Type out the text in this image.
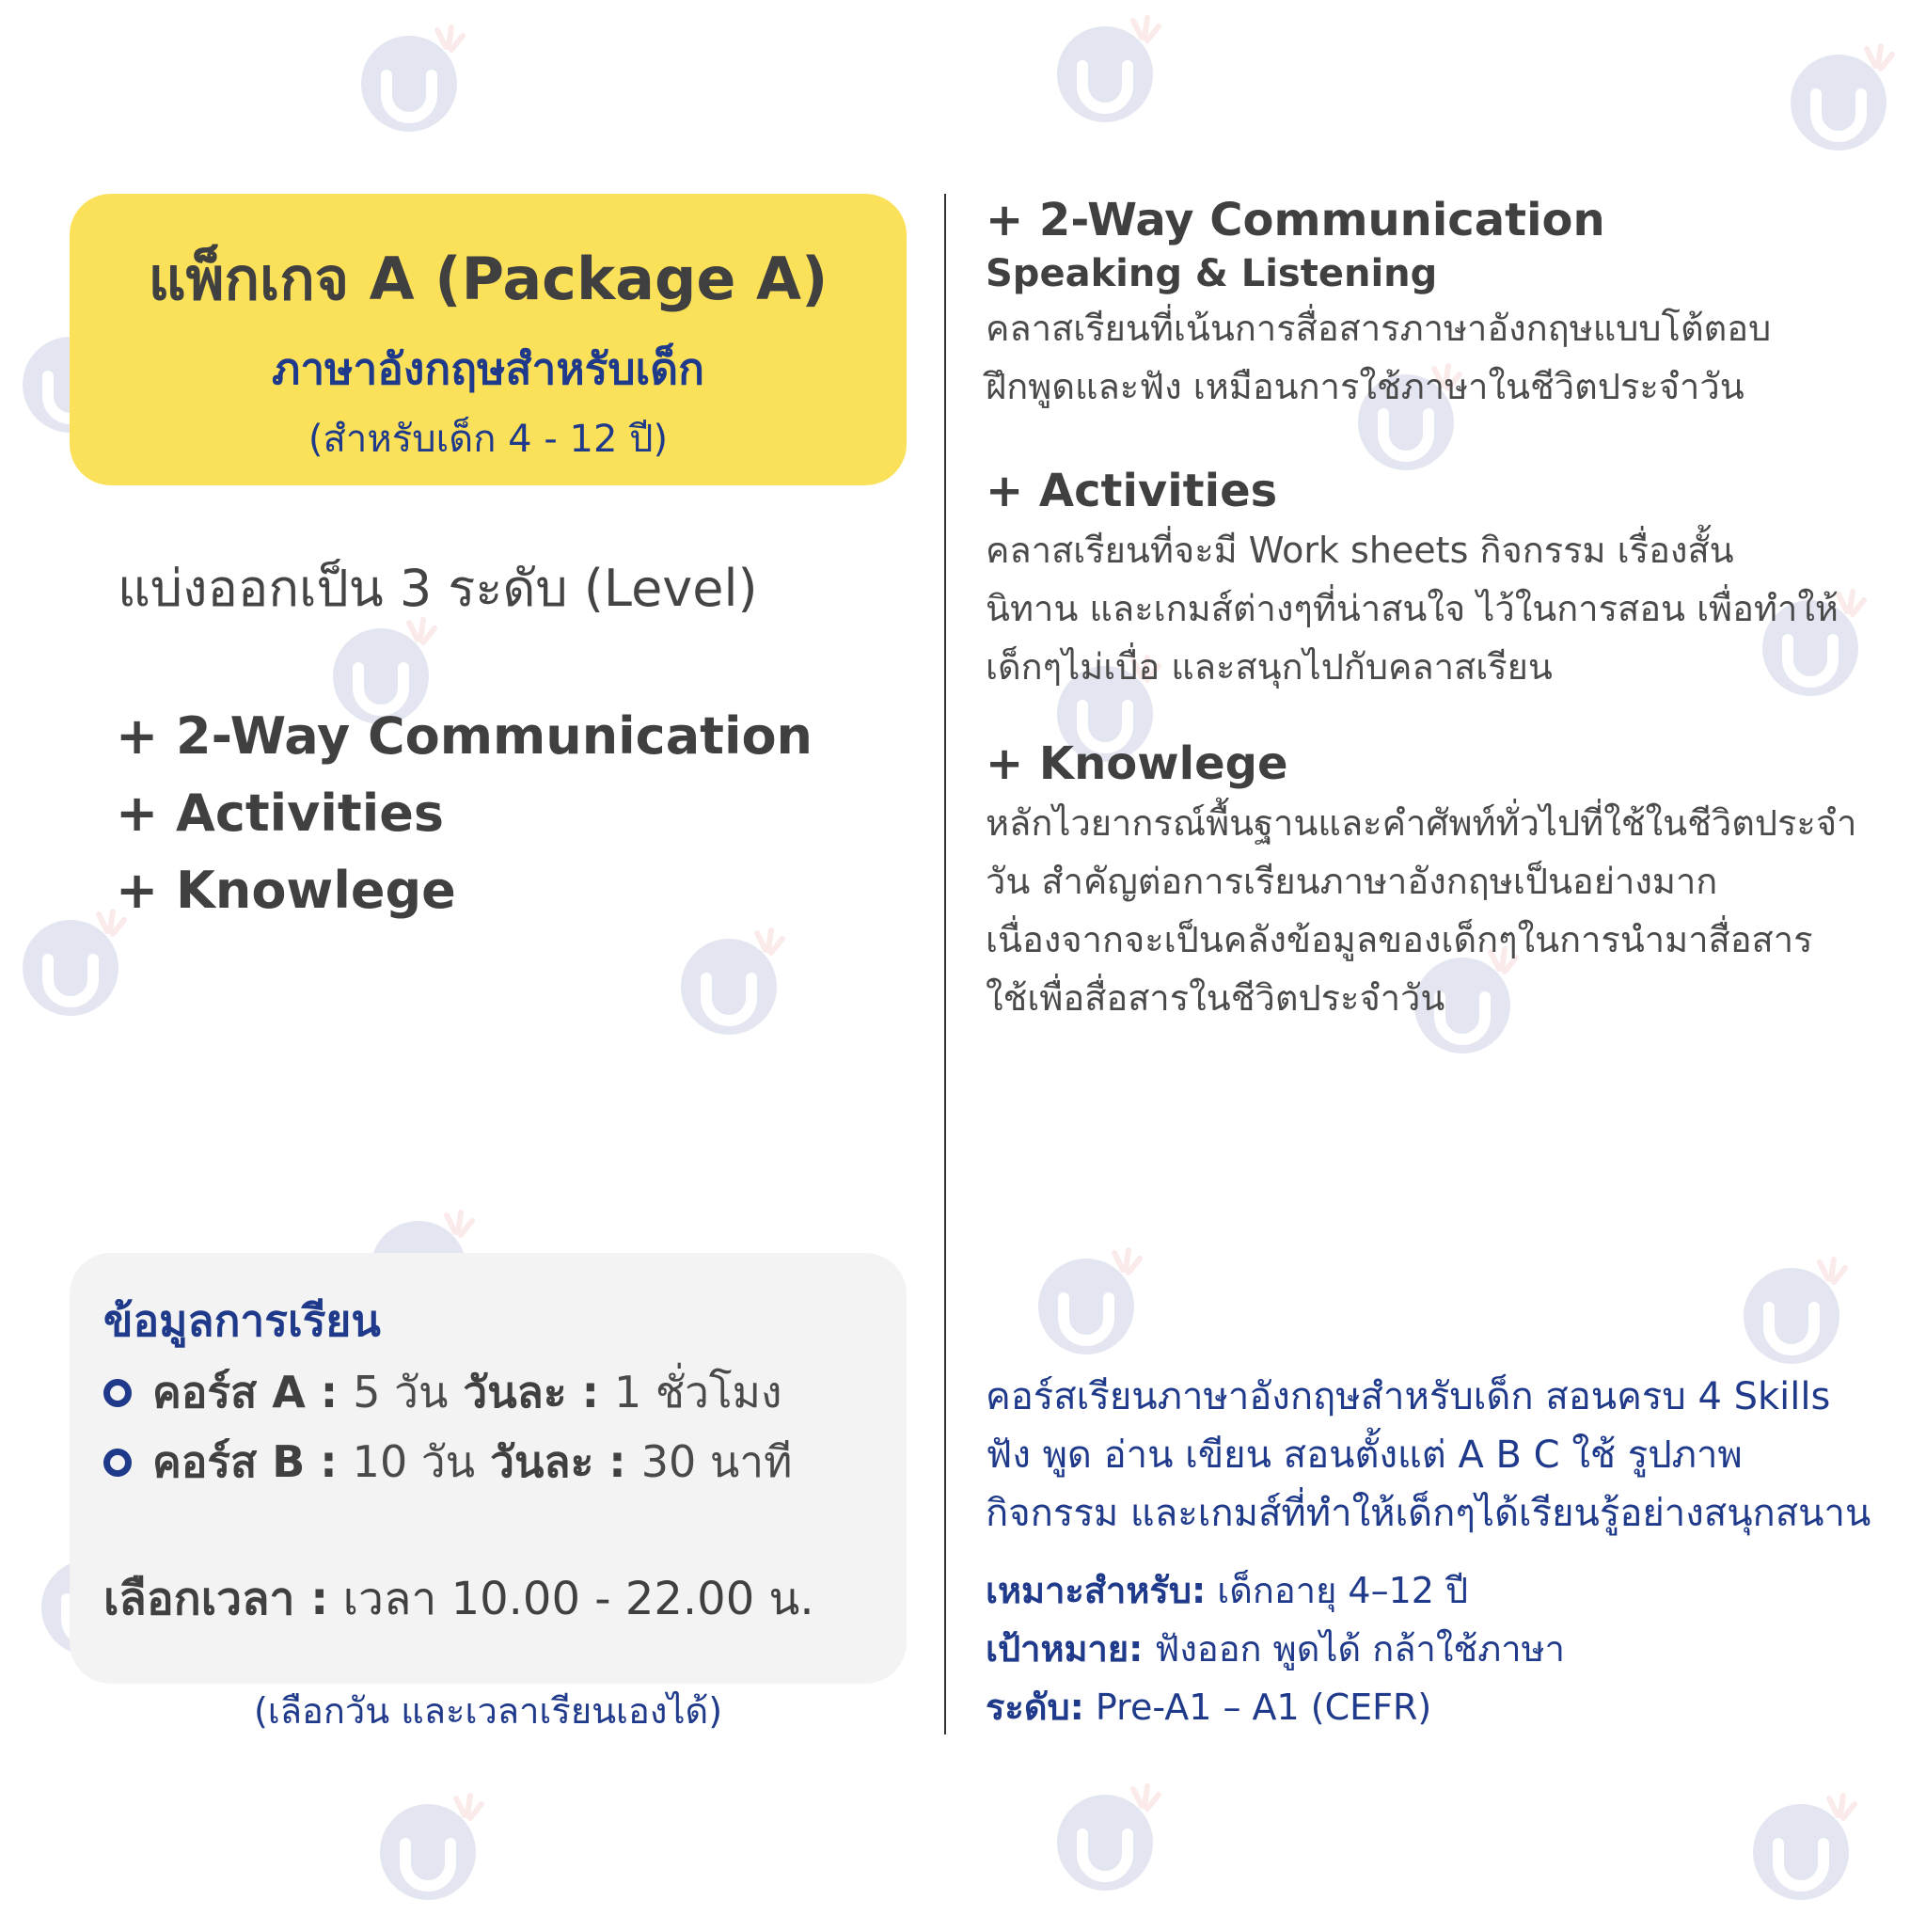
แพ็กเกจ A (Package A)
ภาษาอังกฤษสำหรับเด็ก
(สำหรับเด็ก 4 - 12 ปี)
แบ่งออกเป็น 3 ระดับ (Level)
+ 2-Way Communication
+ Activities
+ Knowlege
+ 2-Way Communication
Speaking & Listening
คลาสเรียนที่เน้นการสื่อสารภาษาอังกฤษแบบโต้ตอบ
ฝึกพูดและฟัง เหมือนการใช้ภาษาในชีวิตประจำวัน
+ Activities
คลาสเรียนที่จะมี Work sheets กิจกรรม เรื่องสั้น
นิทาน และเกมส์ต่างๆที่น่าสนใจ ไว้ในการสอน เพื่อทำให้
เด็กๆไม่เบื่อ และสนุกไปกับคลาสเรียน
+ Knowlege
หลักไวยากรณ์พื้นฐานและคำศัพท์ทั่วไปที่ใช้ในชีวิตประจำ
วัน สำคัญต่อการเรียนภาษาอังกฤษเป็นอย่างมาก
เนื่องจากจะเป็นคลังข้อมูลของเด็กๆในการนำมาสื่อสาร
ใช้เพื่อสื่อสารในชีวิตประจำวัน
ข้อมูลการเรียน
คอร์ส A : 5 วัน วันละ : 1 ชั่วโมง
คอร์ส B : 10 วัน วันละ : 30 นาที
เลือกเวลา : เวลา 10.00 - 22.00 น.
(เลือกวัน และเวลาเรียนเองได้)
คอร์สเรียนภาษาอังกฤษสำหรับเด็ก สอนครบ 4 Skills
ฟัง พูด อ่าน เขียน สอนตั้งแต่ A B C ใช้ รูปภาพ
กิจกรรม และเกมส์ที่ทำให้เด็กๆได้เรียนรู้อย่างสนุกสนาน
เหมาะสำหรับ: เด็กอายุ 4–12 ปี
เป้าหมาย: ฟังออก พูดได้ กล้าใช้ภาษา
ระดับ: Pre-A1 – A1 (CEFR)
